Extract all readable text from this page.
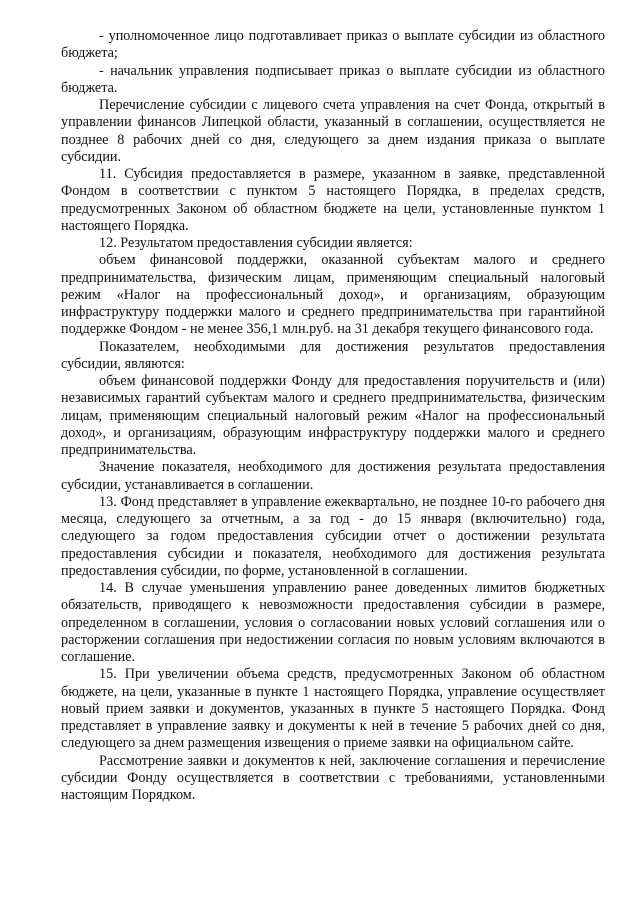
- уполномоченное лицо подготавливает приказ о выплате субсидии из областного бюджета;

- начальник управления подписывает приказ о выплате субсидии из областного бюджета.

Перечисление субсидии с лицевого счета управления на счет Фонда, открытый в управлении финансов Липецкой области, указанный в соглашении, осуществляется не позднее 8 рабочих дней со дня, следующего за днем издания приказа о выплате субсидии.

11. Субсидия предоставляется в размере, указанном в заявке, представленной Фондом в соответствии с пунктом 5 настоящего Порядка, в пределах средств, предусмотренных Законом об областном бюджете на цели, установленные пунктом 1 настоящего Порядка.

12. Результатом предоставления субсидии является:

объем финансовой поддержки, оказанной субъектам малого и среднего предпринимательства, физическим лицам, применяющим специальный налоговый режим «Налог на профессиональный доход», и организациям, образующим инфраструктуру поддержки малого и среднего предпринимательства при гарантийной поддержке Фондом - не менее 356,1 млн.руб. на 31 декабря текущего финансового года.

Показателем, необходимыми для достижения результатов предоставления субсидии, являются:

объем финансовой поддержки Фонду для предоставления поручительств и (или) независимых гарантий субъектам малого и среднего предпринимательства, физическим лицам, применяющим специальный налоговый режим «Налог на профессиональный доход», и организациям, образующим инфраструктуру поддержки малого и среднего предпринимательства.

Значение показателя, необходимого для достижения результата предоставления субсидии, устанавливается в соглашении.

13. Фонд представляет в управление ежеквартально, не позднее 10-го рабочего дня месяца, следующего за отчетным, а за год - до 15 января (включительно) года, следующего за годом предоставления субсидии отчет о достижении результата предоставления субсидии и показателя, необходимого для достижения результата предоставления субсидии, по форме, установленной в соглашении.

14. В случае уменьшения управлению ранее доведенных лимитов бюджетных обязательств, приводящего к невозможности предоставления субсидии в размере, определенном в соглашении, условия о согласовании новых условий соглашения или о расторжении соглашения при недостижении согласия по новым условиям включаются в соглашение.

15. При увеличении объема средств, предусмотренных Законом об областном бюджете, на цели, указанные в пункте 1 настоящего Порядка, управление осуществляет новый прием заявки и документов, указанных в пункте 5 настоящего Порядка. Фонд представляет в управление заявку и документы к ней в течение 5 рабочих дней со дня, следующего за днем размещения извещения о приеме заявки на официальном сайте.

Рассмотрение заявки и документов к ней, заключение соглашения и перечисление субсидии Фонду осуществляется в соответствии с требованиями, установленными настоящим Порядком.
